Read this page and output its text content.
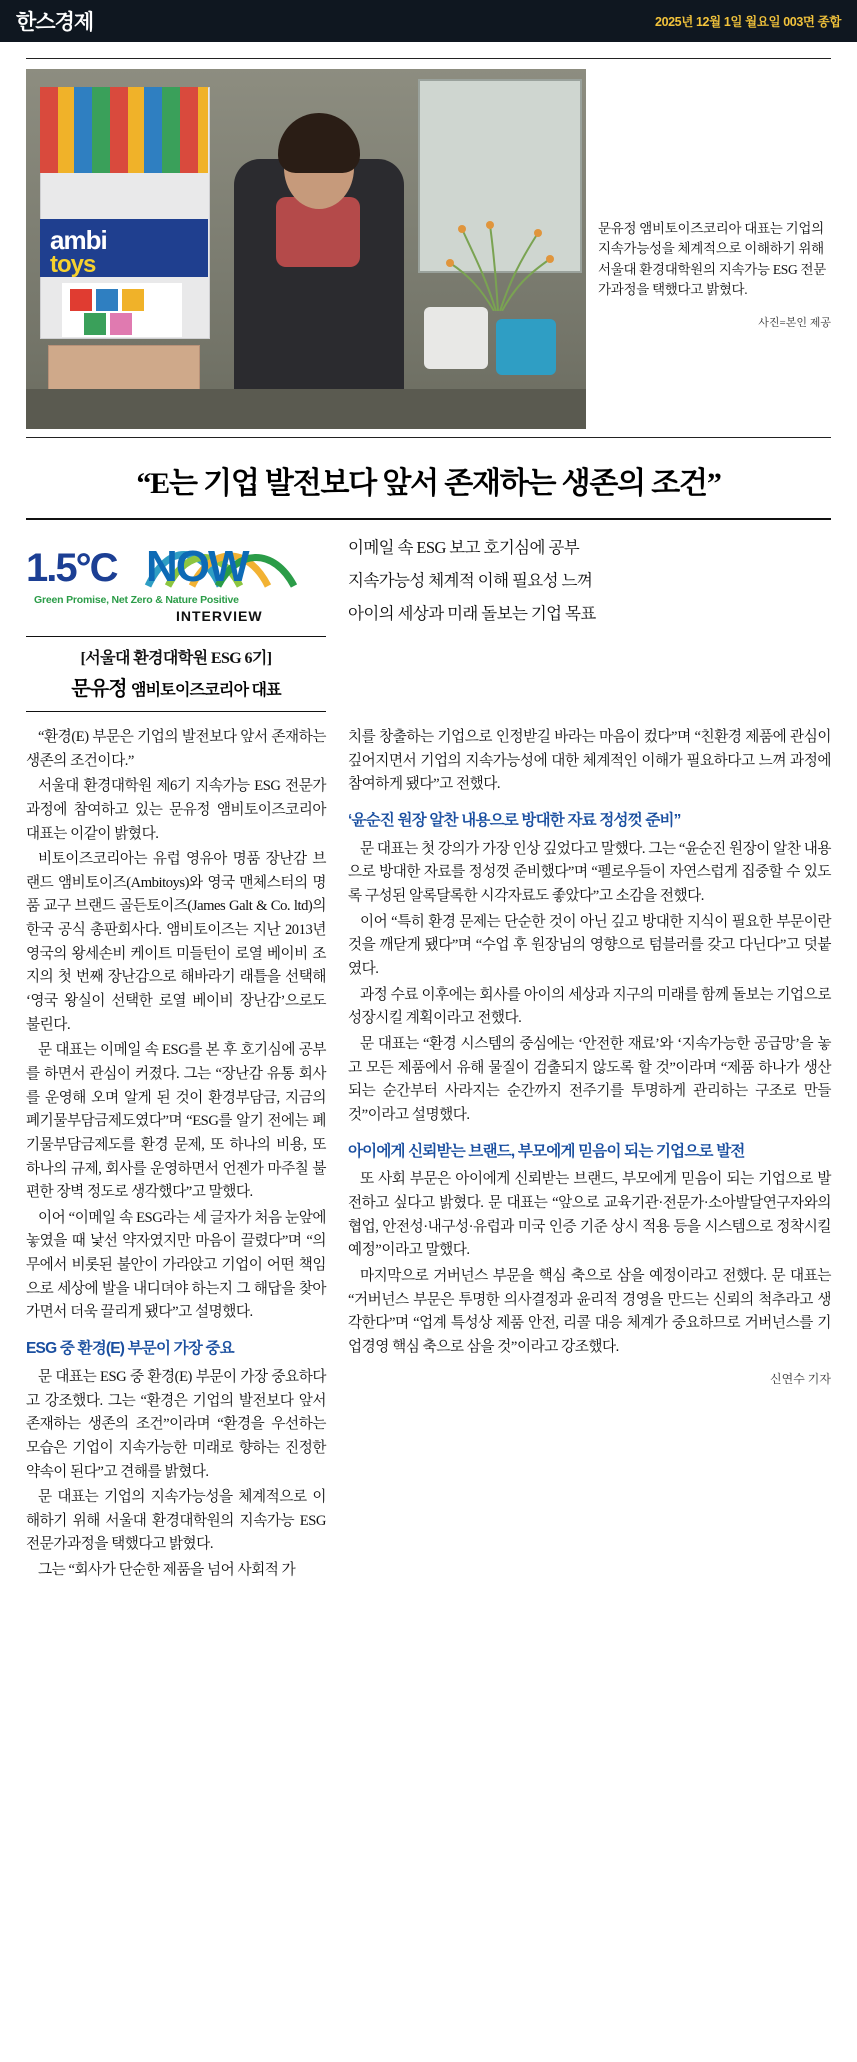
한스경제	2025년 12월 1일 월요일 003면 종합
ambi
toys

문유정 앰비토이즈코리아 대표는 기업의 지속가능성을 체계적으로 이해하기 위해 서울대 환경대학원의 지속가능 ESG 전문가과정을 택했다고 밝혔다.

사진=본인 제공
“E는 기업 발전보다 앞서 존재하는 생존의 조건”
1.5°C NOW
Green Promise, Net Zero & Nature Positive
INTERVIEW
[서울대 환경대학원 ESG 6기]
문유정 앰비토이즈코리아 대표

이메일 속 ESG 보고 호기심에 공부

지속가능성 체계적 이해 필요성 느껴

아이의 세상과 미래 돌보는 기업 목표

“환경(E) 부문은 기업의 발전보다 앞서 존재하는 생존의 조건이다.”

서울대 환경대학원 제6기 지속가능 ESG 전문가과정에 참여하고 있는 문유정 앰비토이즈코리아 대표는 이같이 밝혔다.

비토이즈코리아는 유럽 영유아 명품 장난감 브랜드 앰비토이즈(Ambitoys)와 영국 맨체스터의 명품 교구 브랜드 골든토이즈(James Galt & Co. ltd)의 한국 공식 총판회사다. 앰비토이즈는 지난 2013년 영국의 왕세손비 케이트 미들턴이 로열 베이비 조지의 첫 번째 장난감으로 해바라기 래틀을 선택해 ‘영국 왕실이 선택한 로열 베이비 장난감’으로도 불린다.

문 대표는 이메일 속 ESG를 본 후 호기심에 공부를 하면서 관심이 커졌다. 그는 “장난감 유통 회사를 운영해 오며 알게 된 것이 환경부담금, 지금의 폐기물부담금제도였다”며 “ESG를 알기 전에는 폐기물부담금제도를 환경 문제, 또 하나의 비용, 또 하나의 규제, 회사를 운영하면서 언젠가 마주칠 불편한 장벽 정도로 생각했다”고 말했다.

이어 “이메일 속 ESG라는 세 글자가 처음 눈앞에 놓였을 때 낯선 약자였지만 마음이 끌렸다”며 “의무에서 비롯된 불안이 가라앉고 기업이 어떤 책임으로 세상에 발을 내디뎌야 하는지 그 해답을 찾아가면서 더욱 끌리게 됐다”고 설명했다.

ESG 중 환경(E) 부문이 가장 중요

문 대표는 ESG 중 환경(E) 부문이 가장 중요하다고 강조했다. 그는 “환경은 기업의 발전보다 앞서 존재하는 생존의 조건”이라며 “환경을 우선하는 모습은 기업이 지속가능한 미래로 향하는 진정한 약속이 된다”고 견해를 밝혔다.

문 대표는 기업의 지속가능성을 체계적으로 이해하기 위해 서울대 환경대학원의 지속가능 ESG 전문가과정을 택했다고 밝혔다.

그는 “회사가 단순한 제품을 넘어 사회적 가

치를 창출하는 기업으로 인정받길 바라는 마음이 컸다”며 “친환경 제품에 관심이 깊어지면서 기업의 지속가능성에 대한 체계적인 이해가 필요하다고 느껴 과정에 참여하게 됐다”고 전했다.

‘윤순진 원장 알찬 내용으로 방대한 자료 정성껏 준비”

문 대표는 첫 강의가 가장 인상 깊었다고 말했다. 그는 “윤순진 원장이 알찬 내용으로 방대한 자료를 정성껏 준비했다”며 “펠로우들이 자연스럽게 집중할 수 있도록 구성된 알록달록한 시각자료도 좋았다”고 소감을 전했다.

이어 “특히 환경 문제는 단순한 것이 아닌 깊고 방대한 지식이 필요한 부문이란 것을 깨닫게 됐다”며 “수업 후 원장님의 영향으로 텀블러를 갖고 다닌다”고 덧붙였다.

과정 수료 이후에는 회사를 아이의 세상과 지구의 미래를 함께 돌보는 기업으로 성장시킬 계획이라고 전했다.

문 대표는 “환경 시스템의 중심에는 ‘안전한 재료’와 ‘지속가능한 공급망’을 놓고 모든 제품에서 유해 물질이 검출되지 않도록 할 것”이라며 “제품 하나가 생산되는 순간부터 사라지는 순간까지 전주기를 투명하게 관리하는 구조로 만들 것”이라고 설명했다.

아이에게 신뢰받는 브랜드, 부모에게 믿음이 되는 기업으로 발전

또 사회 부문은 아이에게 신뢰받는 브랜드, 부모에게 믿음이 되는 기업으로 발전하고 싶다고 밝혔다. 문 대표는 “앞으로 교육기관·전문가·소아발달연구자와의 협업, 안전성·내구성·유럽과 미국 인증 기준 상시 적용 등을 시스템으로 정착시킬 예정”이라고 말했다.

마지막으로 거버넌스 부문을 핵심 축으로 삼을 예정이라고 전했다. 문 대표는 “거버넌스 부문은 투명한 의사결정과 윤리적 경영을 만드는 신뢰의 척추라고 생각한다”며 “업계 특성상 제품 안전, 리콜 대응 체계가 중요하므로 거버넌스를 기업경영 핵심 축으로 삼을 것”이라고 강조했다.

신연수 기자
